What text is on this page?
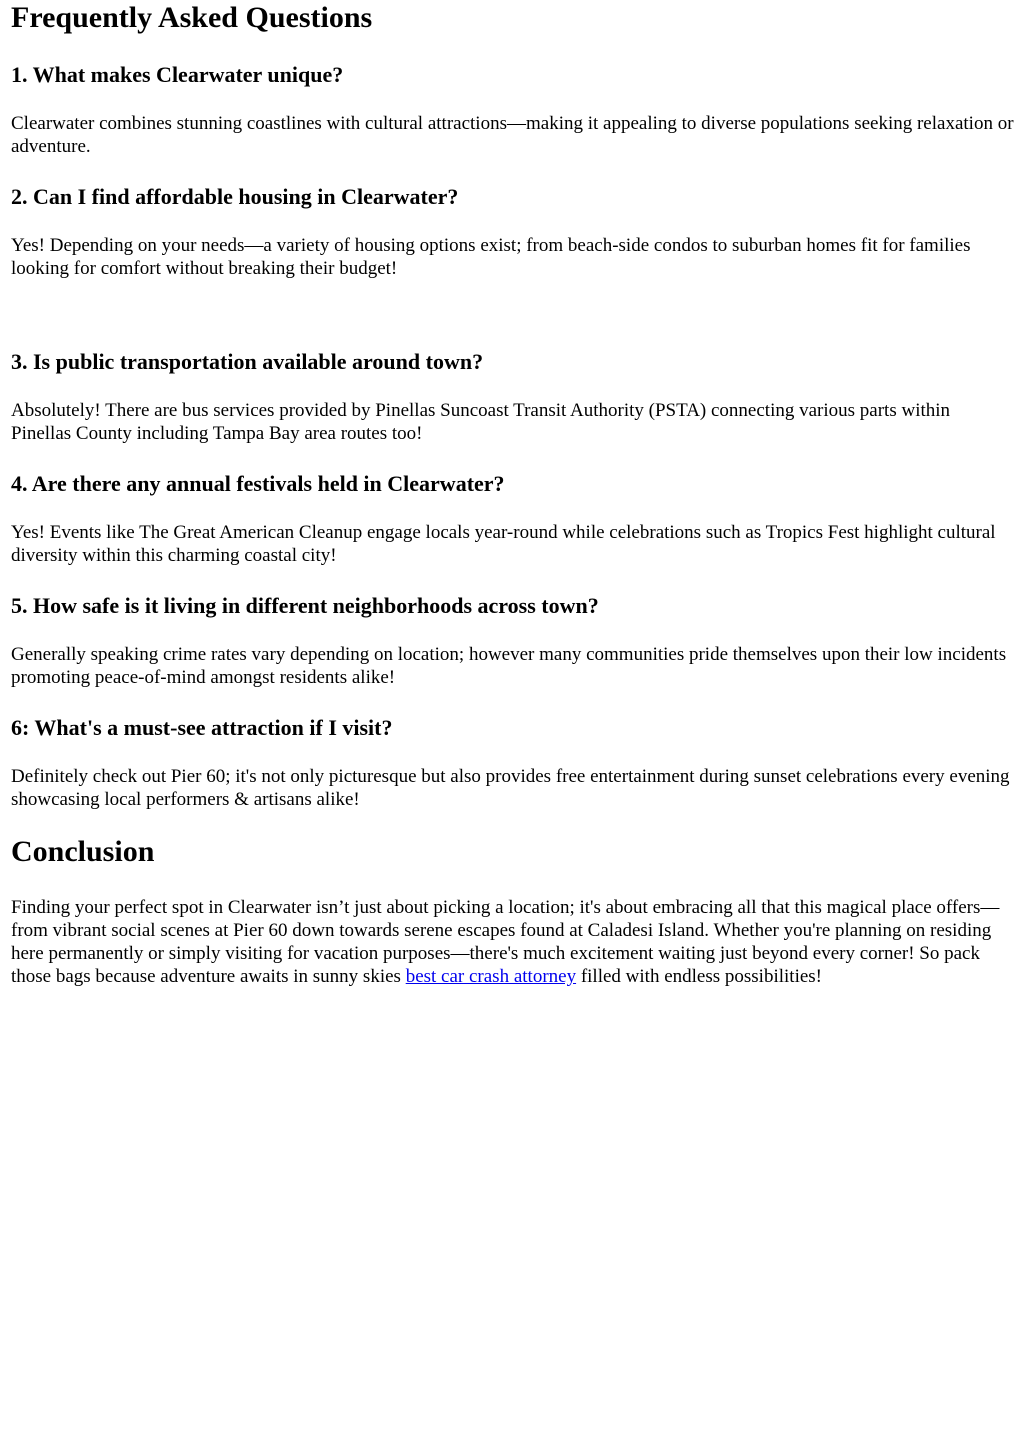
Frequently Asked Questions
1. What makes Clearwater unique?

Clearwater combines stunning coastlines with cultural attractions—making it appealing to diverse populations seeking relaxation or adventure.

2. Can I find affordable housing in Clearwater?

Yes! Depending on your needs—a variety of housing options exist; from beach-side condos to suburban homes fit for families looking for comfort without breaking their budget!

3. Is public transportation available around town?

Absolutely! There are bus services provided by Pinellas Suncoast Transit Authority (PSTA) connecting various parts within Pinellas County including Tampa Bay area routes too!

4. Are there any annual festivals held in Clearwater?

Yes! Events like The Great American Cleanup engage locals year-round while celebrations such as Tropics Fest highlight cultural diversity within this charming coastal city!

5. How safe is it living in different neighborhoods across town?

Generally speaking crime rates vary depending on location; however many communities pride themselves upon their low incidents promoting peace-of-mind amongst residents alike!

6: What's a must-see attraction if I visit?

Definitely check out Pier 60; it's not only picturesque but also provides free entertainment during sunset celebrations every evening showcasing local performers & artisans alike!

Conclusion

Finding your perfect spot in Clearwater isn’t just about picking a location; it's about embracing all that this magical place offers—from vibrant social scenes at Pier 60 down towards serene escapes found at Caladesi Island. Whether you're planning on residing here permanently or simply visiting for vacation purposes—there's much excitement waiting just beyond every corner! So pack those bags because adventure awaits in sunny skies best car crash attorney filled with endless possibilities!
